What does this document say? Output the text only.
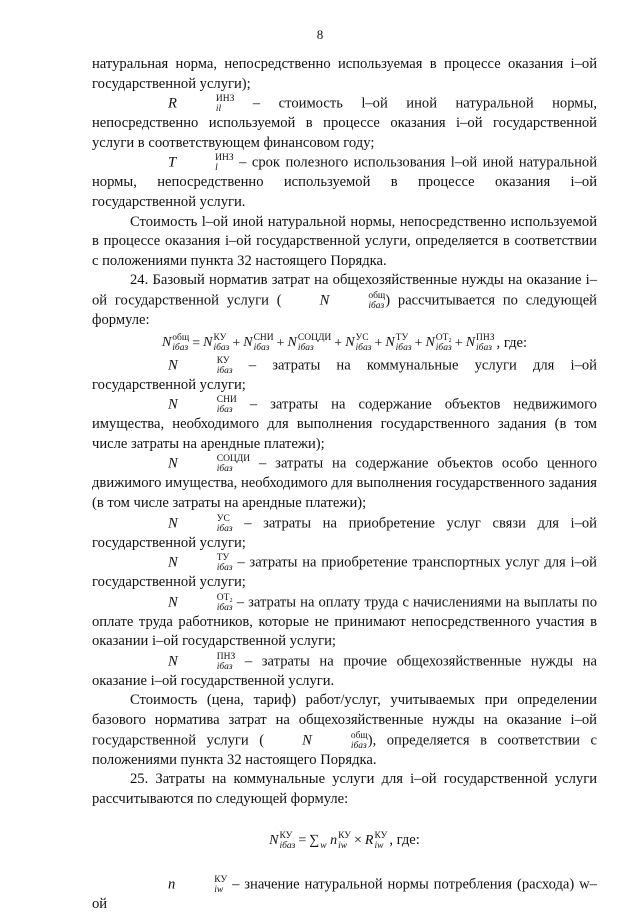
8

натуральная норма, непосредственно используемая в процессе оказания i–ой государственной услуги);

R	ИНЗ
il	– стоимость l–ой иной натуральной нормы, непосредственно используемой в процессе оказания i–ой государственной услуги в соответствующем финансовом году;

T	ИНЗ
l	– срок полезного использования l–ой иной натуральной нормы, непосредственно используемой в процессе оказания i–ой государственной услуги.

Стоимость l–ой иной натуральной нормы, непосредственно используемой в процессе оказания i–ой государственной услуги, определяется в соответствии с положениями пункта 32 настоящего Порядка.

24. Базовый норматив затрат на общехозяйственные нужды на оказание i–ой государственной услуги (	N	общ
iбаз ) рассчитывается по следующей формуле:

N общ
iбаз = N КУ
iбаз + N СНИ
iбаз + N СОЦДИ
iбаз	+ N УС
iбаз + N ТУ
iбаз + N ОТ₂
iбаз + N ПНЗ
iбаз , где:

N	КУ
iбаз – затраты на коммунальные услуги для i–ой государственной услуги;

N	СНИ
iбаз – затраты на содержание объектов недвижимого имущества, необходимого для выполнения государственного задания (в том числе затраты на арендные платежи);

N	СОЦДИ
iбаз	– затраты на содержание объектов особо ценного движимого имущества, необходимого для выполнения государственного задания (в том числе затраты на арендные платежи);

N	УС
iбаз – затраты на приобретение услуг связи для i–ой государственной услуги;

N	ТУ
iбаз – затраты на приобретение транспортных услуг для i–ой государственной услуги;

N	ОТ₂
iбаз – затраты на оплату труда с начислениями на выплаты по оплате труда работников, которые не принимают непосредственного участия в оказании i–ой государственной услуги;

N	ПНЗ
iбаз – затраты на прочие общехозяйственные нужды на оказание i–ой государственной услуги.

Стоимость (цена, тариф) работ/услуг, учитываемых при определении базового норматива затрат на общехозяйственные нужды на оказание i–ой государственной услуги (	N	общ
iбаз ), определяется в соответствии с положениями пункта 32 настоящего Порядка.

25. Затраты на коммунальные услуги для i–ой государственной услуги рассчитываются по следующей формуле:

N КУ
iбаз = ∑
w n КУ
iw × R КУ
iw , где:

n	КУ
iw – значение натуральной нормы потребления (расхода) w–ой
